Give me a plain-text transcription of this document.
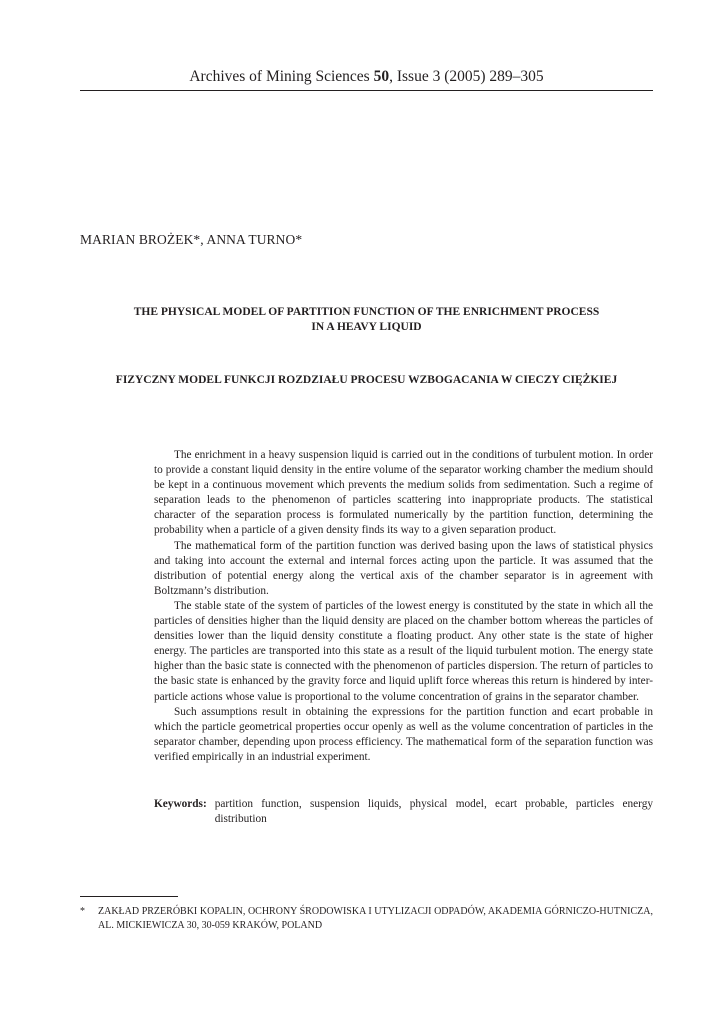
Archives of Mining Sciences 50, Issue 3 (2005) 289–305
MARIAN BROŻEK*, ANNA TURNO*
THE PHYSICAL MODEL OF PARTITION FUNCTION OF THE ENRICHMENT PROCESS
IN A HEAVY LIQUID
FIZYCZNY MODEL FUNKCJI ROZDZIAŁU PROCESU WZBOGACANIA W CIECZY CIĘŻKIEJ

The enrichment in a heavy suspension liquid is carried out in the conditions of turbulent motion. In order to provide a constant liquid density in the entire volume of the separator working chamber the medium should be kept in a continuous movement which prevents the medium solids from sedimentation. Such a regime of separation leads to the phenomenon of particles scattering into inappropriate products. The statistical character of the separation process is formulated numerically by the partition function, determining the probability when a particle of a given density finds its way to a given separation product.

The mathematical form of the partition function was derived basing upon the laws of statistical physics and taking into account the external and internal forces acting upon the particle. It was assumed that the distribution of potential energy along the vertical axis of the chamber separator is in agreement with Boltzmann’s distribution.

The stable state of the system of particles of the lowest energy is constituted by the state in which all the particles of densities higher than the liquid density are placed on the chamber bottom whereas the particles of densities lower than the liquid density constitute a floating product. Any other state is the state of higher energy. The particles are transported into this state as a result of the liquid turbulent motion. The energy state higher than the basic state is connected with the phenomenon of particles dispersion. The return of particles to the basic state is enhanced by the gravity force and liquid uplift force whereas this return is hindered by inter-particle actions whose value is proportional to the volume concentration of grains in the separator chamber.

Such assumptions result in obtaining the expressions for the partition function and ecart probable in which the particle geometrical properties occur openly as well as the volume concentration of particles in the separator chamber, depending upon process efficiency. The mathematical form of the separation function was verified empirically in an industrial experiment.

Keywords: partition function, suspension liquids, physical model, ecart probable, particles energy distribution
*	ZAKŁAD PRZERÓBKI KOPALIN, OCHRONY ŚRODOWISKA I UTYLIZACJI ODPADÓW, AKADEMIA GÓRNICZO-HUTNICZA, AL. MICKIEWICZA 30, 30-059 KRAKÓW, POLAND
